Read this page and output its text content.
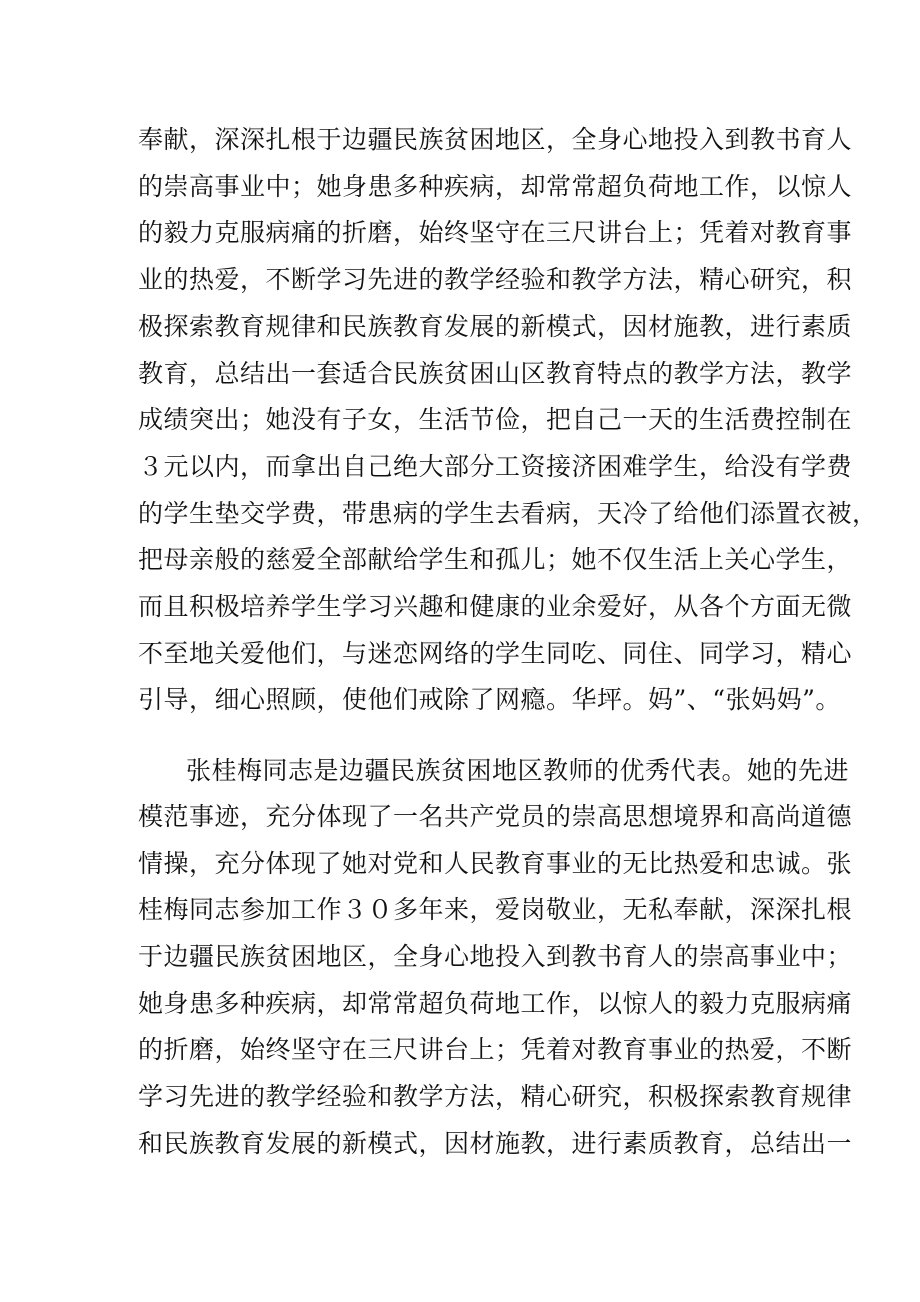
奉献，深深扎根于边疆民族贫困地区，全身心地投入到教书育人
的崇高事业中；她身患多种疾病，却常常超负荷地工作，以惊人
的毅力克服病痛的折磨，始终坚守在三尺讲台上；凭着对教育事
业的热爱，不断学习先进的教学经验和教学方法，精心研究，积
极探索教育规律和民族教育发展的新模式，因材施教，进行素质
教育，总结出一套适合民族贫困山区教育特点的教学方法，教学
成绩突出；她没有子女，生活节俭，把自己一天的生活费控制在
３元以内，而拿出自己绝大部分工资接济困难学生，给没有学费
的学生垫交学费，带患病的学生去看病，天冷了给他们添置衣被，
把母亲般的慈爱全部献给学生和孤儿；她不仅生活上关心学生，
而且积极培养学生学习兴趣和健康的业余爱好，从各个方面无微
不至地关爱他们，与迷恋网络的学生同吃、同住、同学习，精心
引导，细心照顾，使他们戒除了网瘾。华坪。妈”、“张妈妈”。
张桂梅同志是边疆民族贫困地区教师的优秀代表。她的先进
模范事迹，充分体现了一名共产党员的崇高思想境界和高尚道德
情操，充分体现了她对党和人民教育事业的无比热爱和忠诚。张
桂梅同志参加工作３０多年来，爱岗敬业，无私奉献，深深扎根
于边疆民族贫困地区，全身心地投入到教书育人的崇高事业中；
她身患多种疾病，却常常超负荷地工作，以惊人的毅力克服病痛
的折磨，始终坚守在三尺讲台上；凭着对教育事业的热爱，不断
学习先进的教学经验和教学方法，精心研究，积极探索教育规律
和民族教育发展的新模式，因材施教，进行素质教育，总结出一
